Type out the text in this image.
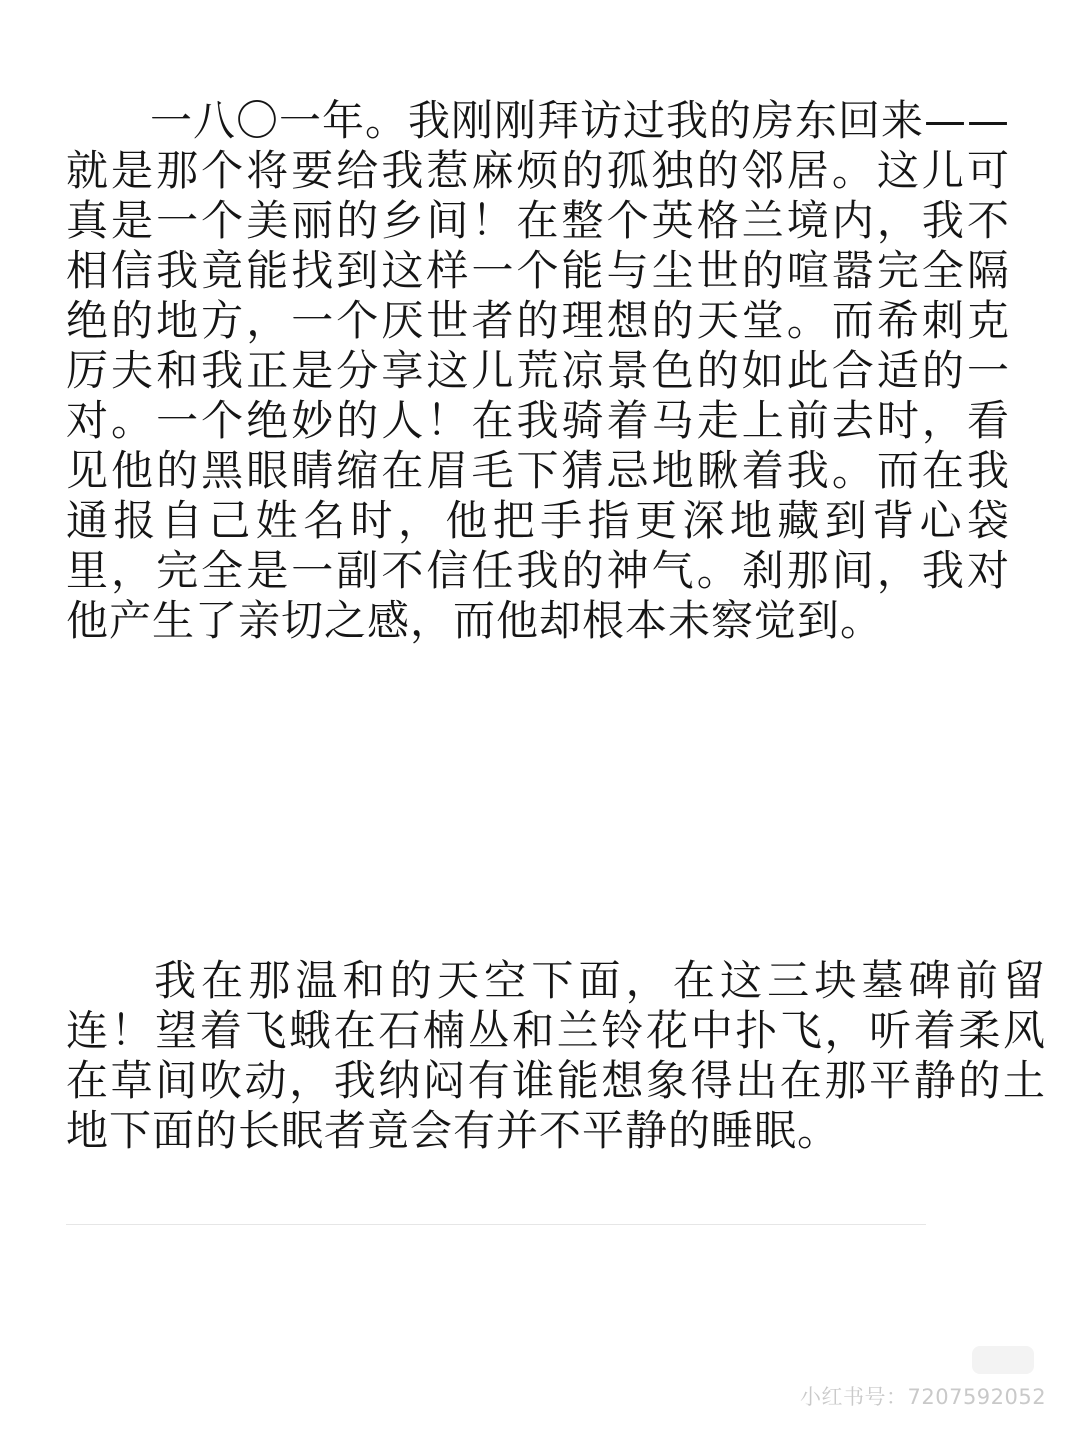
一八〇一年。我刚刚拜访过我的房东回来——就是那个将要给我惹麻烦的孤独的邻居。这儿可真是一个美丽的乡间！在整个英格兰境内，我不相信我竟能找到这样一个能与尘世的喧嚣完全隔绝的地方，一个厌世者的理想的天堂。而希刺克厉夫和我正是分享这儿荒凉景色的如此合适的一对。一个绝妙的人！在我骑着马走上前去时，看见他的黑眼睛缩在眉毛下猜忌地瞅着我。而在我通报自己姓名时，他把手指更深地藏到背心袋里，完全是一副不信任我的神气。刹那间，我对他产生了亲切之感，而他却根本未察觉到。

我在那温和的天空下面，在这三块墓碑前留连！望着飞蛾在石楠丛和兰铃花中扑飞，听着柔风在草间吹动，我纳闷有谁能想象得出在那平静的土地下面的长眠者竟会有并不平静的睡眠。

小红书号：7207592052
